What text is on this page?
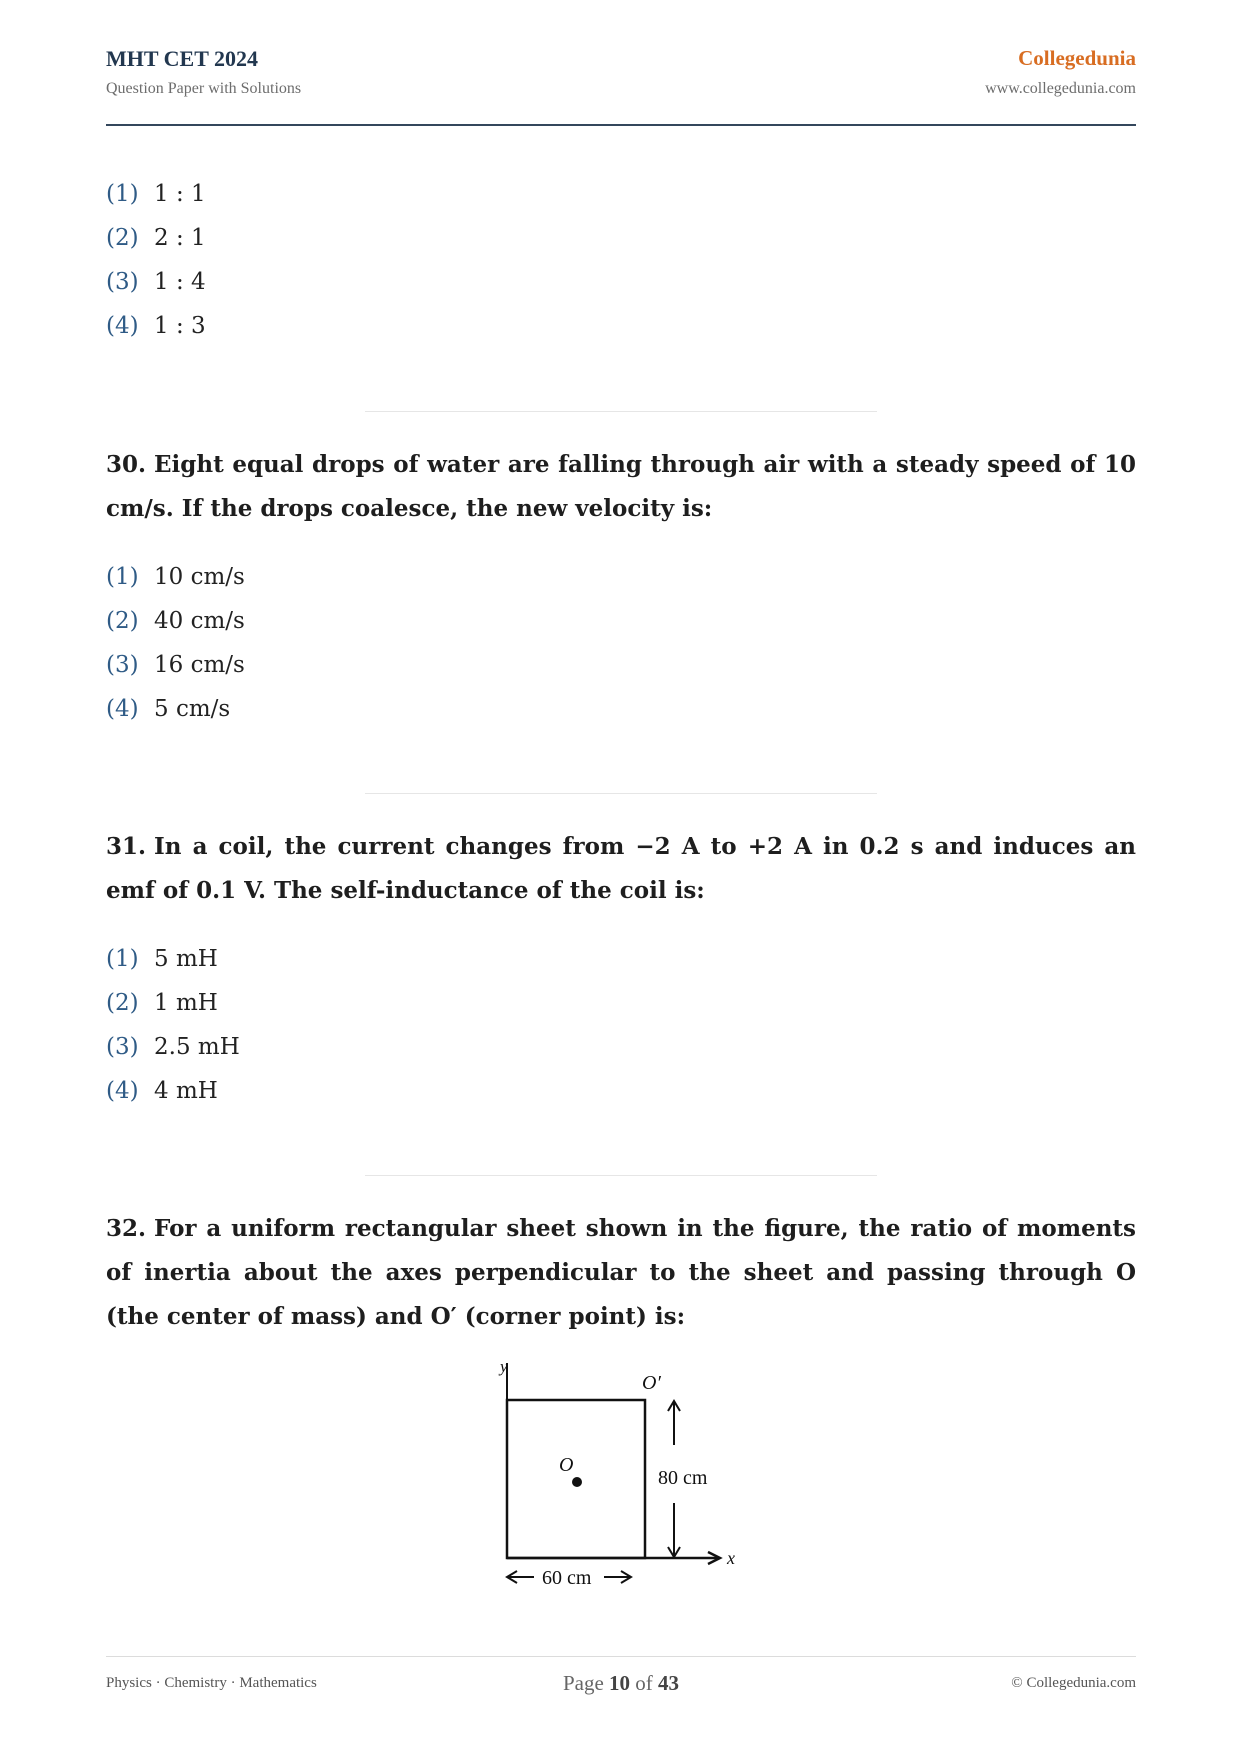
MHT CET 2024
Question Paper with Solutions
Collegedunia
www.collegedunia.com
(1) 1 : 1
(2) 2 : 1
(3) 1 : 4
(4) 1 : 3
30. Eight equal drops of water are falling through air with a steady speed of 10 cm/s. If the drops coalesce, the new velocity is:
(1) 10 cm/s
(2) 40 cm/s
(3) 16 cm/s
(4) 5 cm/s
31. In a coil, the current changes from −2 A to +2 A in 0.2 s and induces an emf of 0.1 V. The self-inductance of the coil is:
(1) 5 mH
(2) 1 mH
(3) 2.5 mH
(4) 4 mH
32. For a uniform rectangular sheet shown in the figure, the ratio of moments of inertia about the axes perpendicular to the sheet and passing through O (the center of mass) and O′ (corner point) is:
y
O′
O
80 cm
x
60 cm
Physics · Chemistry · Mathematics	Page 10 of 43	© Collegedunia.com
